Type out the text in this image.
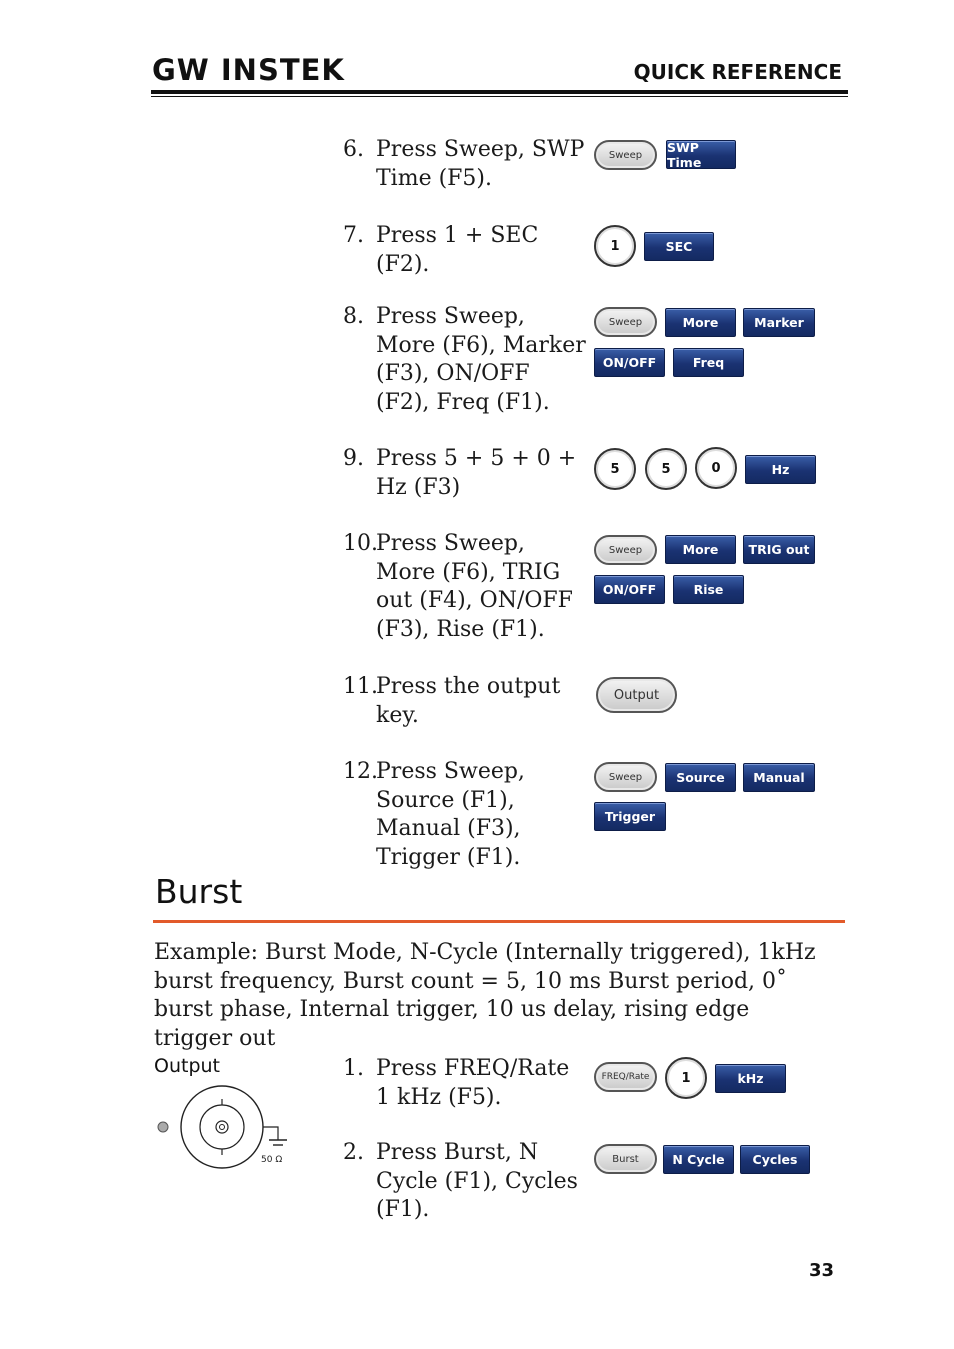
GW INSTEK	QUICK REFERENCE
6. Press Sweep, SWP Time (F5).
Sweep
SWP Time
7. Press 1 + SEC (F2).
1	SEC
8. Press Sweep, More (F6), Marker (F3), ON/OFF (F2), Freq (F1).
Sweep	More	Marker
ON/OFF	Freq
9. Press 5 + 5 + 0 + Hz (F3)
5	5	0	Hz
10.
Press Sweep, More (F6), TRIG out (F4), ON/OFF (F3), Rise (F1).
Sweep	More	TRIG out
ON/OFF	Rise
11.
Press the output key.
Output
12.
Press Sweep, Source (F1), Manual (F3), Trigger (F1).
Sweep	Source	Manual
Trigger
Burst
Example: Burst Mode, N-Cycle (Internally triggered), 1kHz burst frequency, Burst count = 5, 10 ms Burst period, 0˚ burst phase, Internal trigger, 10 us delay, rising edge trigger out
Output
50 Ω
1. Press FREQ/Rate 1 kHz (F5).
FREQ/Rate	1	kHz
2. Press Burst, N Cycle (F1), Cycles (F1).
Burst	N Cycle	Cycles
33
